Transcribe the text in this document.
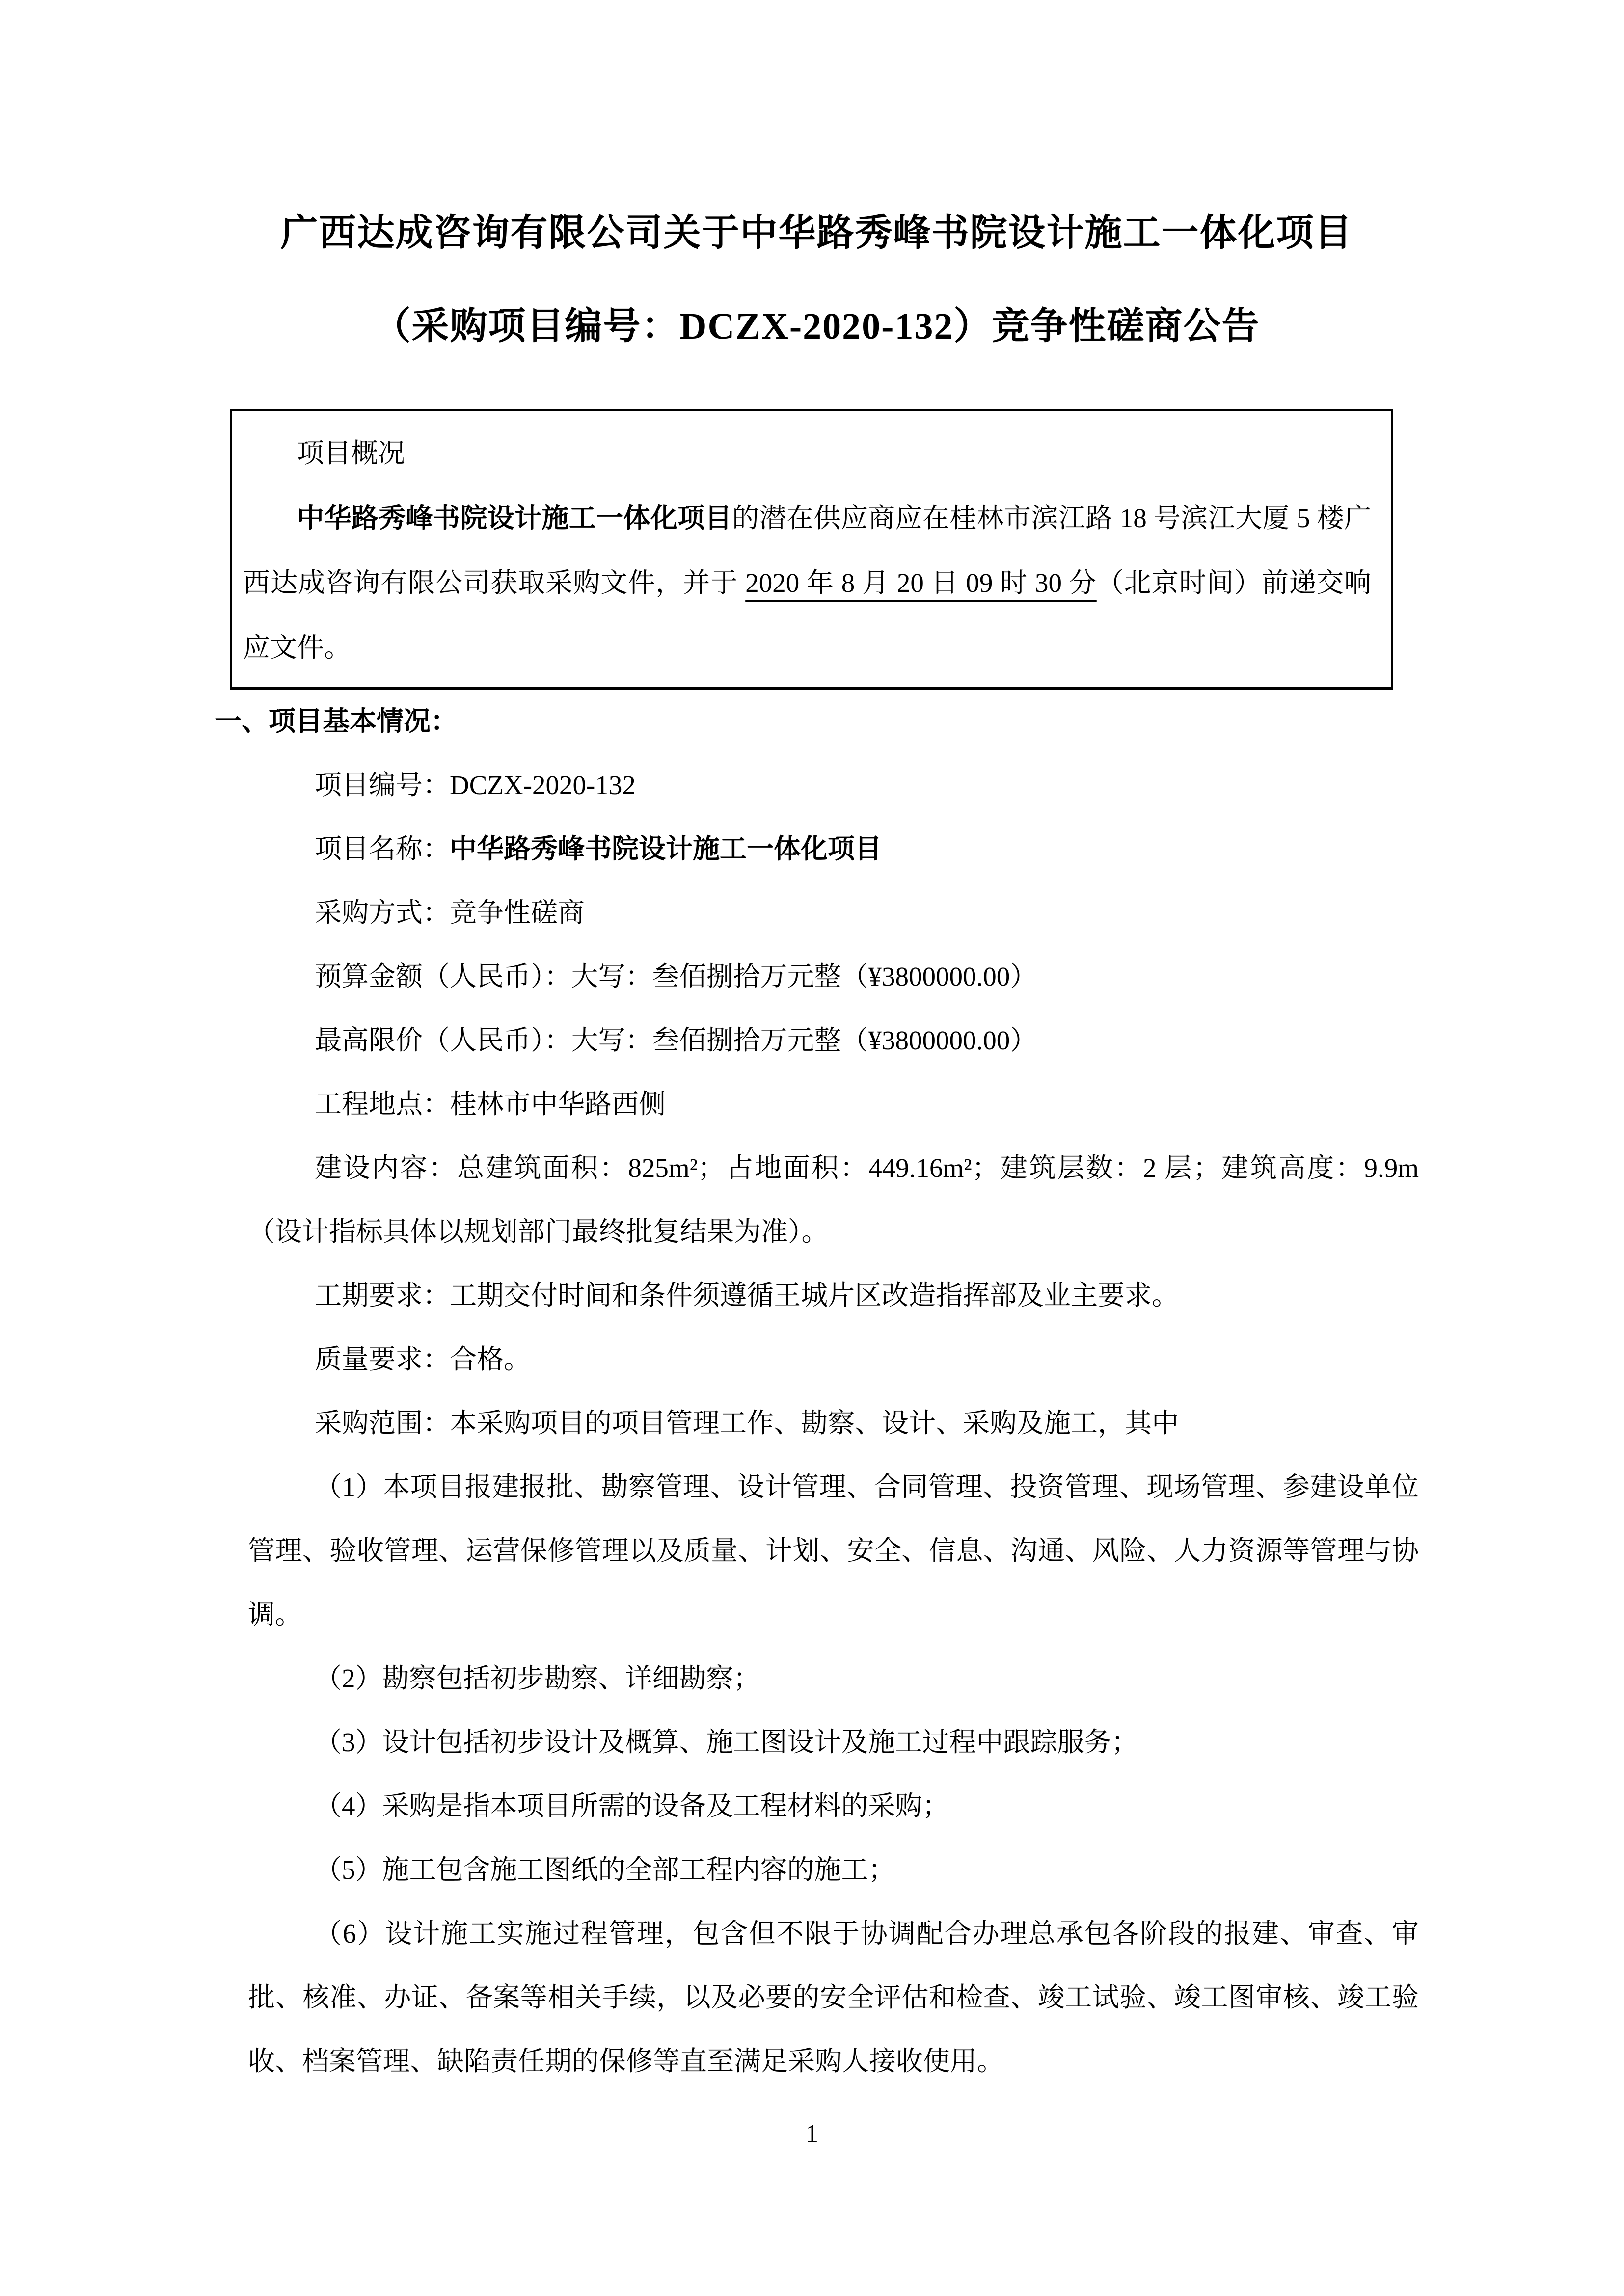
广西达成咨询有限公司关于中华路秀峰书院设计施工一体化项目
（采购项目编号：DCZX-2020-132）竞争性磋商公告

项目概况

中华路秀峰书院设计施工一体化项目的潜在供应商应在桂林市滨江路 18 号滨江大厦 5 楼广西达成咨询有限公司获取采购文件，并于 2020 年 8 月 20 日 09 时 30 分（北京时间）前递交响应文件。

一、项目基本情况：

项目编号：DCZX-2020-132

项目名称：中华路秀峰书院设计施工一体化项目

采购方式：竞争性磋商

预算金额（人民币）：大写：叁佰捌拾万元整（¥3800000.00）

最高限价（人民币）：大写：叁佰捌拾万元整（¥3800000.00）

工程地点：桂林市中华路西侧

建设内容：总建筑面积：825m²；占地面积：449.16m²；建筑层数：2 层；建筑高度：9.9m（设计指标具体以规划部门最终批复结果为准）。

工期要求：工期交付时间和条件须遵循王城片区改造指挥部及业主要求。

质量要求：合格。

采购范围：本采购项目的项目管理工作、勘察、设计、采购及施工，其中

（1）本项目报建报批、勘察管理、设计管理、合同管理、投资管理、现场管理、参建设单位管理、验收管理、运营保修管理以及质量、计划、安全、信息、沟通、风险、人力资源等管理与协调。

（2）勘察包括初步勘察、详细勘察；

（3）设计包括初步设计及概算、施工图设计及施工过程中跟踪服务；

（4）采购是指本项目所需的设备及工程材料的采购；

（5）施工包含施工图纸的全部工程内容的施工；

（6）设计施工实施过程管理，包含但不限于协调配合办理总承包各阶段的报建、审查、审批、核准、办证、备案等相关手续，以及必要的安全评估和检查、竣工试验、竣工图审核、竣工验收、档案管理、缺陷责任期的保修等直至满足采购人接收使用。

1
